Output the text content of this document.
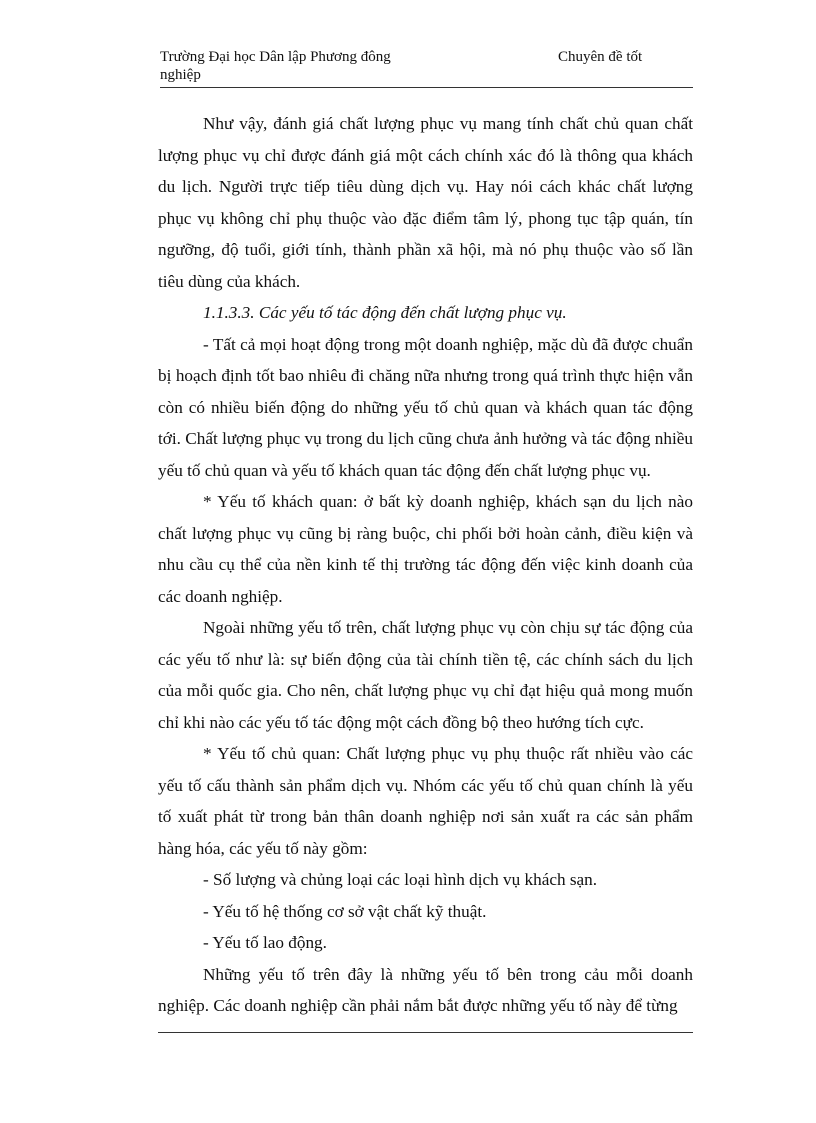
Trường Đại học Dân lập Phương đông	Chuyên đề tốt
nghiệp

Như vậy, đánh giá chất lượng phục vụ mang tính chất chủ quan chất lượng phục vụ chỉ được đánh giá một cách chính xác đó là thông qua khách du lịch. Người trực tiếp tiêu dùng dịch vụ. Hay nói cách khác chất lượng phục vụ không chỉ phụ thuộc vào đặc điểm tâm lý, phong tục tập quán, tín ngưỡng, độ tuổi, giới tính, thành phần xã hội, mà nó phụ thuộc vào số lần tiêu dùng của khách.

1.1.3.3. Các yếu tố tác động đến chất lượng phục vụ.

- Tất cả mọi hoạt động trong một doanh nghiệp, mặc dù đã được chuẩn bị hoạch định tốt bao nhiêu đi chăng nữa nhưng trong quá trình thực hiện vẫn còn có nhiều biến động do những yếu tố chủ quan và khách quan tác động tới. Chất lượng phục vụ trong du lịch cũng chưa ảnh hưởng và tác động nhiều yếu tố chủ quan và yếu tố khách quan tác động đến chất lượng phục vụ.

* Yếu tố khách quan: ở bất kỳ doanh nghiệp, khách sạn du lịch nào chất lượng phục vụ cũng bị ràng buộc, chi phối bởi hoàn cảnh, điều kiện và nhu cầu cụ thể của nền kinh tế thị trường tác động đến việc kinh doanh của các doanh nghiệp.

Ngoài những yếu tố trên, chất lượng phục vụ còn chịu sự tác động của các yếu tố như là: sự biến động của tài chính tiền tệ, các chính sách du lịch của mỗi quốc gia. Cho nên, chất lượng phục vụ chỉ đạt hiệu quả mong muốn chỉ khi nào các yếu tố tác động một cách đồng bộ theo hướng tích cực.

* Yếu tố chủ quan: Chất lượng phục vụ phụ thuộc rất nhiều vào các yếu tố cấu thành sản phẩm dịch vụ. Nhóm các yếu tố chủ quan chính là yếu tố xuất phát từ trong bản thân doanh nghiệp nơi sản xuất ra các sản phẩm hàng hóa, các yếu tố này gồm:

- Số lượng và chủng loại các loại hình dịch vụ khách sạn.

- Yếu tố hệ thống cơ sở vật chất kỹ thuật.

- Yếu tố lao động.

Những yếu tố trên đây là những yếu tố bên trong cảu mỗi doanh nghiệp. Các doanh nghiệp cần phải nắm bắt được những yếu tố này để từng
